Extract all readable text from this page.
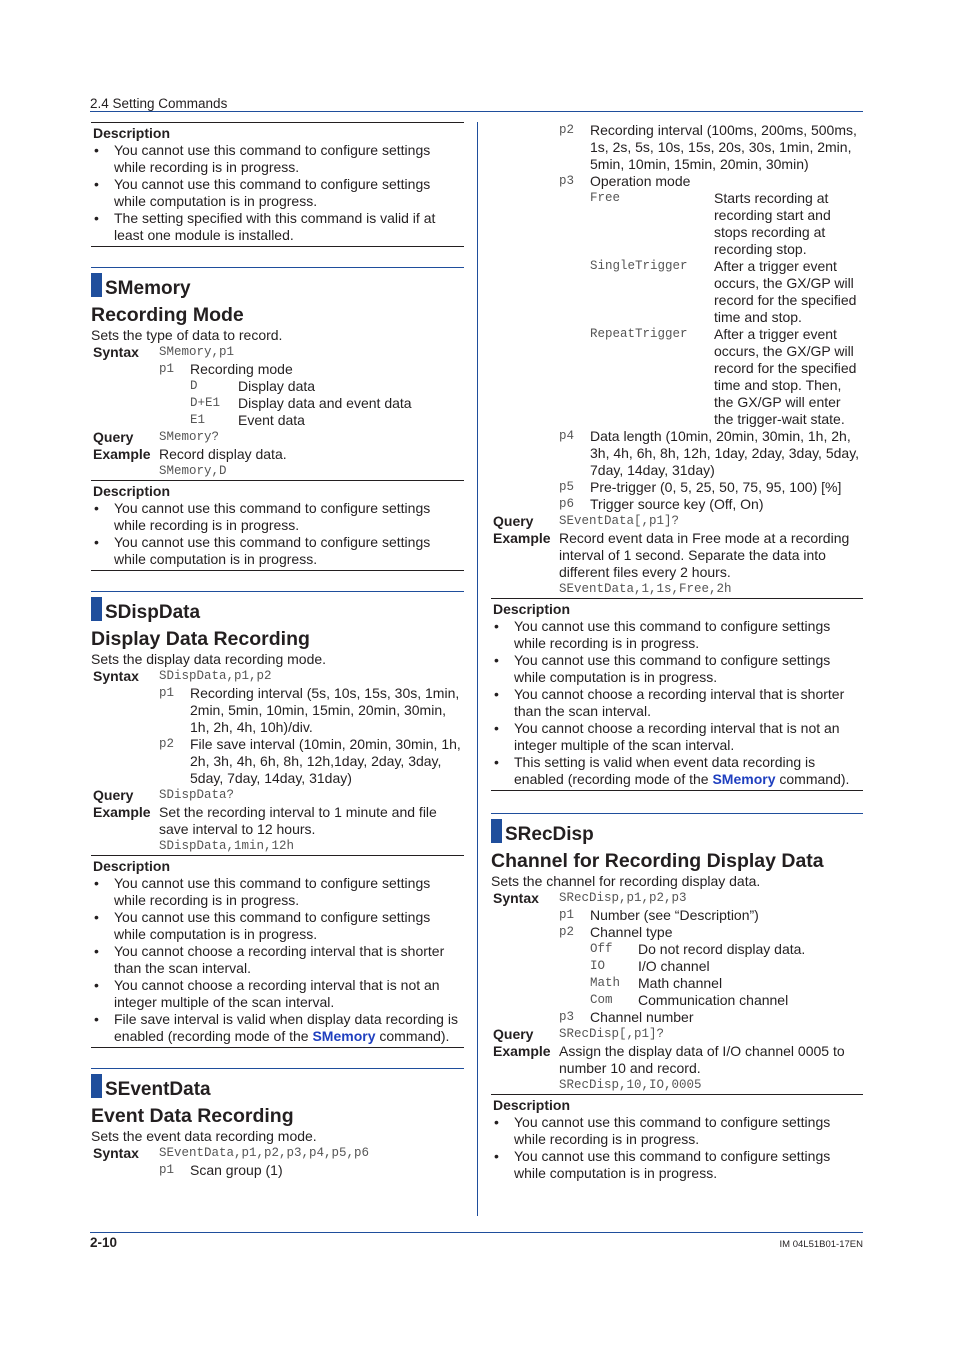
2.4 Setting Commands
Description
• You cannot use this command to configure settings while recording is in progress.
• You cannot use this command to configure settings while computation is in progress.
• The setting specified with this command is valid if at least one module is installed.
SMemory
Recording Mode
Sets the type of data to record.
Syntax	SMemory,p1
p1	Recording mode
D	Display data
D+E1	Display data and event data
E1	Event data
Query	SMemory?
Example Record display data.
SMemory,D
Description
• You cannot use this command to configure settings while recording is in progress.
• You cannot use this command to configure settings while computation is in progress.
SDispData
Display Data Recording
Sets the display data recording mode.
Syntax	SDispData,p1,p2
p1	Recording interval (5s, 10s, 15s, 30s, 1min, 2min, 5min, 10min, 15min, 20min, 30min, 1h, 2h, 4h, 10h)/div.
p2	File save interval (10min, 20min, 30min, 1h, 2h, 3h, 4h, 6h, 8h, 12h,1day, 2day, 3day, 5day, 7day, 14day, 31day)
Query	SDispData?
Example Set the recording interval to 1 minute and file save interval to 12 hours.
SDispData,1min,12h
Description
• You cannot use this command to configure settings while recording is in progress.
• You cannot use this command to configure settings while computation is in progress.
• You cannot choose a recording interval that is shorter than the scan interval.
• You cannot choose a recording interval that is not an integer multiple of the scan interval.
• File save interval is valid when display data recording is enabled (recording mode of the SMemory command).
SEventData
Event Data Recording
Sets the event data recording mode.
Syntax	SEventData,p1,p2,p3,p4,p5,p6
p1	Scan group (1)
p2	Recording interval (100ms, 200ms, 500ms, 1s, 2s, 5s, 10s, 15s, 20s, 30s, 1min, 2min, 5min, 10min, 15min, 20min, 30min)
p3	Operation mode
Free	Starts recording at recording start and stops recording at recording stop.
SingleTrigger	After a trigger event occurs, the GX/GP will record for the specified time and stop.
RepeatTrigger	After a trigger event occurs, the GX/GP will record for the specified time and stop. Then, the GX/GP will enter the trigger-wait state.
p4	Data length (10min, 20min, 30min, 1h, 2h, 3h, 4h, 6h, 8h, 12h, 1day, 2day, 3day, 5day, 7day, 14day, 31day)
p5	Pre-trigger (0, 5, 25, 50, 75, 95, 100) [%]
p6	Trigger source key (Off, On)
Query	SEventData[,p1]?
Example Record event data in Free mode at a recording interval of 1 second. Separate the data into different files every 2 hours.
SEventData,1,1s,Free,2h
Description
• You cannot use this command to configure settings while recording is in progress.
• You cannot use this command to configure settings while computation is in progress.
• You cannot choose a recording interval that is shorter than the scan interval.
• You cannot choose a recording interval that is not an integer multiple of the scan interval.
• This setting is valid when event data recording is enabled (recording mode of the SMemory command).
SRecDisp
Channel for Recording Display Data
Sets the channel for recording display data.
Syntax	SRecDisp,p1,p2,p3
p1	Number (see “Description”)
p2	Channel type
Off	Do not record display data.
IO	I/O channel
Math	Math channel
Com	Communication channel
p3	Channel number
Query	SRecDisp[,p1]?
Example Assign the display data of I/O channel 0005 to number 10 and record.
SRecDisp,10,IO,0005
Description
• You cannot use this command to configure settings while recording is in progress.
• You cannot use this command to configure settings while computation is in progress.
2-10	IM 04L51B01-17EN
